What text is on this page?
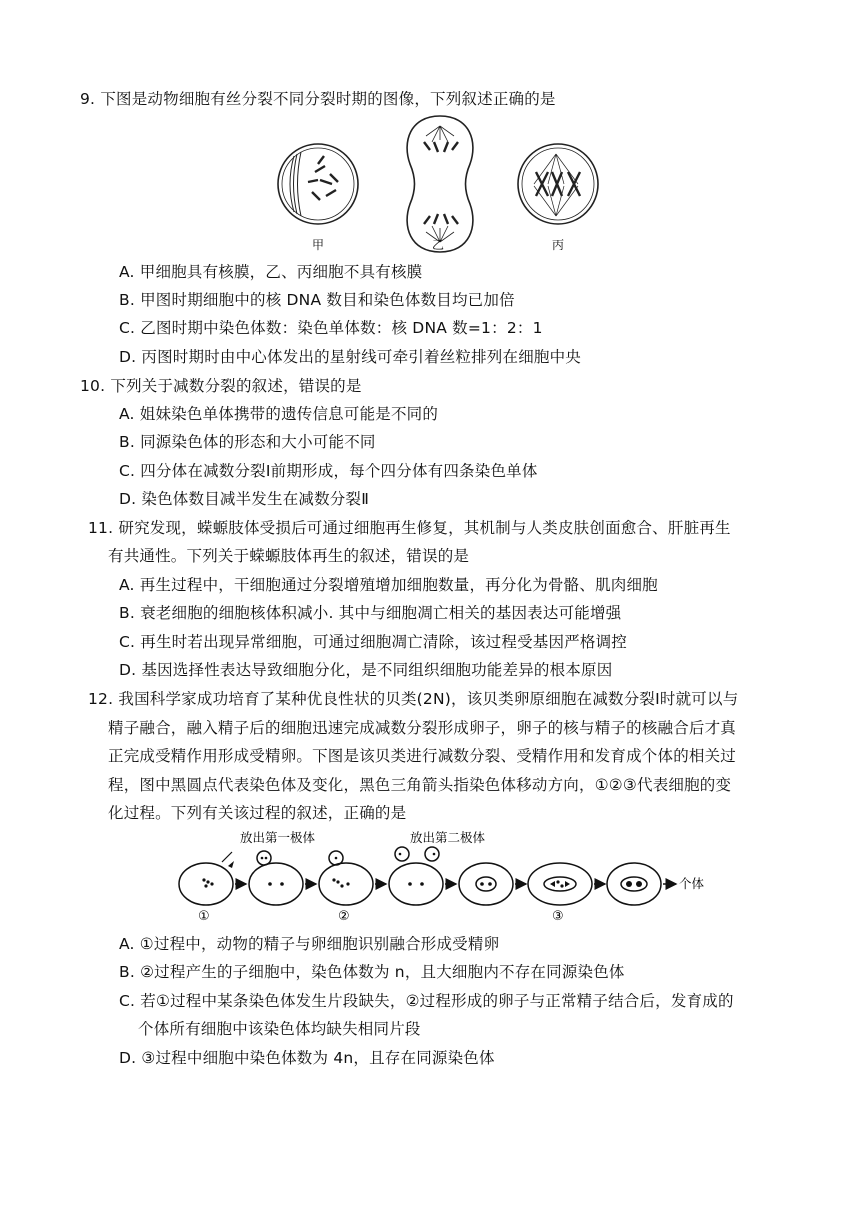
9. 下图是动物细胞有丝分裂不同分裂时期的图像，下列叙述正确的是
甲	乙	丙
A. 甲细胞具有核膜，乙、丙细胞不具有核膜
B. 甲图时期细胞中的核 DNA 数目和染色体数目均已加倍
C. 乙图时期中染色体数：染色单体数：核 DNA 数=1：2：1
D. 丙图时期时由中心体发出的星射线可牵引着丝粒排列在细胞中央
10. 下列关于减数分裂的叙述，错误的是
A. 姐妹染色单体携带的遗传信息可能是不同的
B. 同源染色体的形态和大小可能不同
C. 四分体在减数分裂Ⅰ前期形成，每个四分体有四条染色单体
D. 染色体数目减半发生在减数分裂Ⅱ
11. 研究发现，蝾螈肢体受损后可通过细胞再生修复，其机制与人类皮肤创面愈合、肝脏再生
有共通性。下列关于蝾螈肢体再生的叙述，错误的是
A. 再生过程中，干细胞通过分裂增殖增加细胞数量，再分化为骨骼、肌肉细胞
B. 衰老细胞的细胞核体积减小. 其中与细胞凋亡相关的基因表达可能增强
C. 再生时若出现异常细胞，可通过细胞凋亡清除，该过程受基因严格调控
D. 基因选择性表达导致细胞分化，是不同组织细胞功能差异的根本原因
12. 我国科学家成功培育了某种优良性状的贝类(2N)，该贝类卵原细胞在减数分裂Ⅰ时就可以与
精子融合，融入精子后的细胞迅速完成减数分裂形成卵子，卵子的核与精子的核融合后才真
正完成受精作用形成受精卵。下图是该贝类进行减数分裂、受精作用和发育成个体的相关过
程，图中黑圆点代表染色体及变化，黑色三角箭头指染色体移动方向，①②③代表细胞的变
化过程。下列有关该过程的叙述，正确的是
放出第一极体	放出第二极体
个体
①	②	③
A. ①过程中，动物的精子与卵细胞识别融合形成受精卵
B. ②过程产生的子细胞中，染色体数为 n，且大细胞内不存在同源染色体
C. 若①过程中某条染色体发生片段缺失，②过程形成的卵子与正常精子结合后，发育成的
个体所有细胞中该染色体均缺失相同片段
D. ③过程中细胞中染色体数为 4n，且存在同源染色体
